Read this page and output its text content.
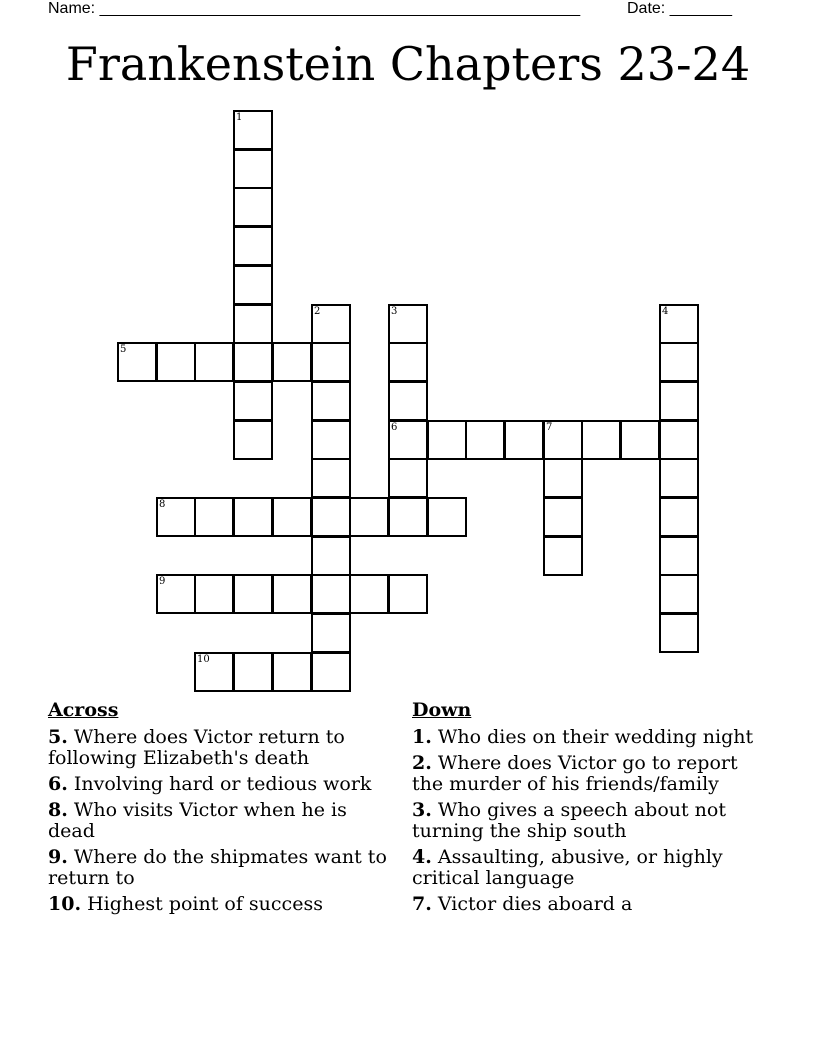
Name: ______________________________________________________	Date: _______
Frankenstein Chapters 23-24
1
2	3
6
4
5
7
8
9
10
Across
5. Where does Victor return to following Elizabeth's death
6. Involving hard or tedious work
8. Who visits Victor when he is dead
9. Where do the shipmates want to return to
10. Highest point of success
Down
1. Who dies on their wedding night
2. Where does Victor go to report the murder of his friends/family
3. Who gives a speech about not turning the ship south
4. Assaulting, abusive, or highly critical language
7. Victor dies aboard a
